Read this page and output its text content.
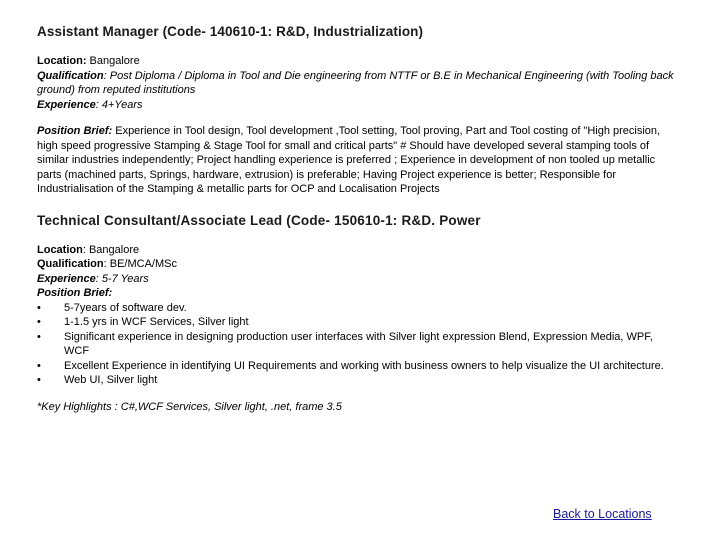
Assistant Manager (Code- 140610-1: R&D, Industrialization)
Location: Bangalore
Qualification: Post Diploma / Diploma in Tool and Die engineering from NTTF or B.E in Mechanical Engineering (with Tooling back ground) from reputed institutions
Experience: 4+Years
Position Brief: Experience in Tool design, Tool development ,Tool setting, Tool proving, Part and Tool costing of "High precision, high speed progressive Stamping & Stage Tool for small and critical parts" # Should have developed several stamping tools of similar industries independently; Project handling experience is preferred ; Experience in development of non tooled up metallic parts (machined parts, Springs, hardware, extrusion) is preferable; Having Project experience is better; Responsible for Industrialisation of the Stamping & metallic parts for OCP and Localisation Projects
Technical Consultant/Associate Lead (Code- 150610-1: R&D. Power
Location: Bangalore
Qualification: BE/MCA/MSc
Experience: 5-7 Years
Position Brief:
• 5-7years of software dev.
• 1-1.5 yrs in WCF Services, Silver light
• Significant experience in designing production user interfaces with Silver light expression Blend, Expression Media, WPF, WCF
• Excellent Experience in identifying UI Requirements and working with business owners to help visualize the UI architecture.
• Web UI, Silver light
*Key Highlights : C#,WCF Services, Silver light, .net, frame 3.5
Back to Locations
